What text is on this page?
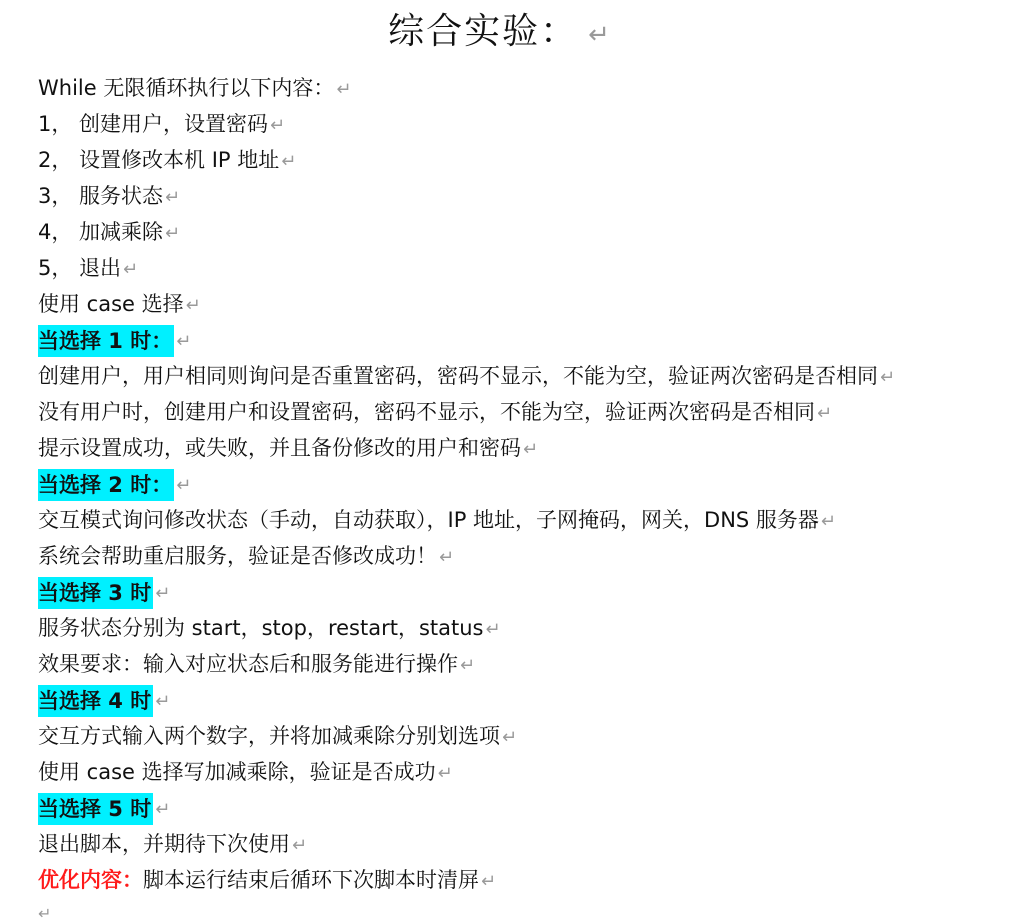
综合实验： ↵
While 无限循环执行以下内容： ↵
1， 创建用户，设置密码 ↵
2， 设置修改本机 IP 地址 ↵
3， 服务状态 ↵
4， 加减乘除 ↵
5， 退出 ↵
使用 case 选择 ↵
当选择 1 时： ↵
创建用户，用户相同则询问是否重置密码，密码不显示，不能为空，验证两次密码是否相同 ↵
没有用户时，创建用户和设置密码，密码不显示，不能为空，验证两次密码是否相同 ↵
提示设置成功，或失败，并且备份修改的用户和密码 ↵
当选择 2 时： ↵
交互模式询问修改状态（手动，自动获取），IP 地址，子网掩码，网关，DNS 服务器 ↵
系统会帮助重启服务，验证是否修改成功！ ↵
当选择 3 时 ↵
服务状态分别为 start，stop，restart，status ↵
效果要求：输入对应状态后和服务能进行操作 ↵
当选择 4 时 ↵
交互方式输入两个数字，并将加减乘除分别划选项 ↵
使用 case 选择写加减乘除，验证是否成功 ↵
当选择 5 时 ↵
退出脚本，并期待下次使用 ↵
优化内容：脚本运行结束后循环下次脚本时清屏 ↵
↵
